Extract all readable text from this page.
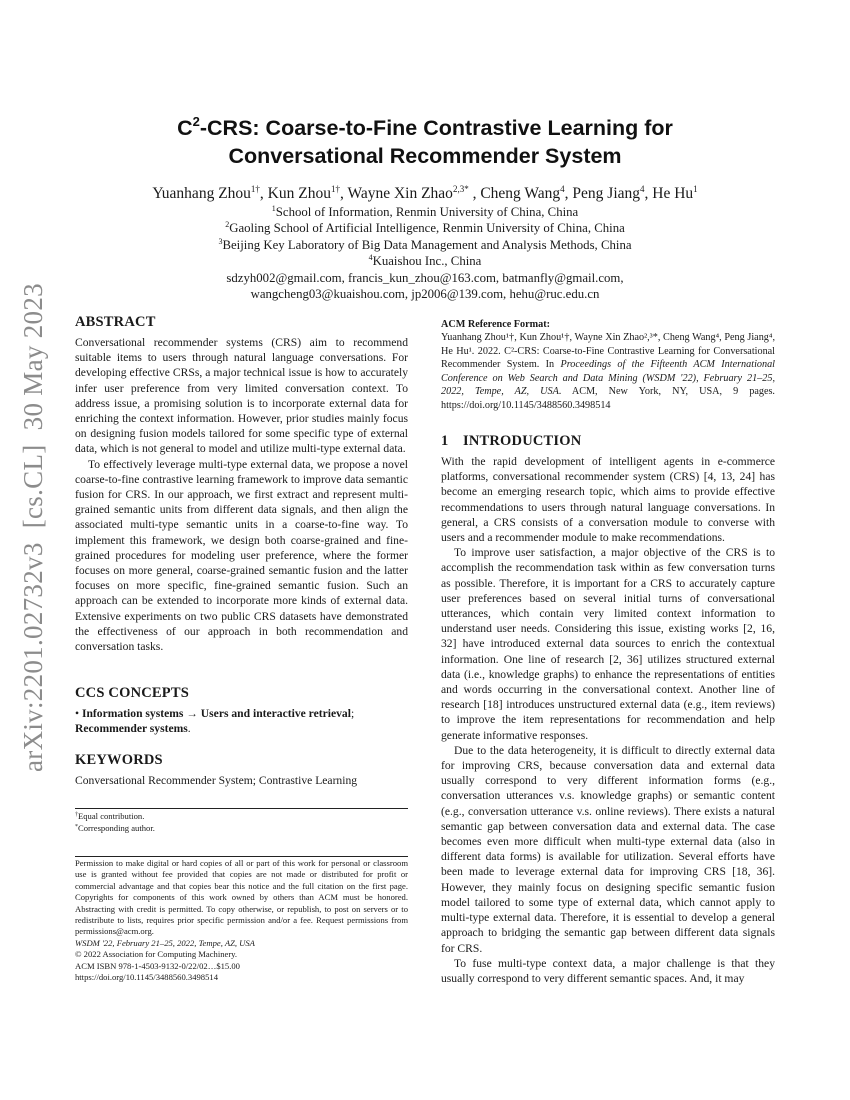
arXiv:2201.02732v3  [cs.CL]  30 May 2023
$C^2$-CRS: Coarse-to-Fine Contrastive Learning for
Conversational Recommender System
Yuanhang Zhou$^{1\dagger}$, Kun Zhou$^{1\dagger}$, Wayne Xin Zhao$^{2,3*}$ , Cheng Wang$^4$, Peng Jiang$^4$, He Hu$^1$
$^1$School of Information, Renmin University of China, China
$^2$Gaoling School of Artificial Intelligence, Renmin University of China, China
$^3$Beijing Key Laboratory of Big Data Management and Analysis Methods, China
$^4$Kuaishou Inc., China
sdzyh002@gmail.com, francis_kun_zhou@163.com, batmanfly@gmail.com,
wangcheng03@kuaishou.com, jp2006@139.com, hehu@ruc.edu.cn
ABSTRACT

Conversational recommender systems (CRS) aim to recommend suitable items to users through natural language conversations. For developing effective CRSs, a major technical issue is how to accurately infer user preference from very limited conversation context. To address issue, a promising solution is to incorporate external data for enriching the context information. However, prior studies mainly focus on designing fusion models tailored for some specific type of external data, which is not general to model and utilize multi-type external data.

To effectively leverage multi-type external data, we propose a novel coarse-to-fine contrastive learning framework to improve data semantic fusion for CRS. In our approach, we first extract and represent multi-grained semantic units from different data signals, and then align the associated multi-type semantic units in a coarse-to-fine way. To implement this framework, we design both coarse-grained and fine-grained procedures for modeling user preference, where the former focuses on more general, coarse-grained semantic fusion and the latter focuses on more specific, fine-grained semantic fusion. Such an approach can be extended to incorporate more kinds of external data. Extensive experiments on two public CRS datasets have demonstrated the effectiveness of our approach in both recommendation and conversation tasks.

CCS CONCEPTS

• Information systems → Users and interactive retrieval; Recommender systems.

KEYWORDS

Conversational Recommender System; Contrastive Learning

†Equal contribution.
*Corresponding author.

Permission to make digital or hard copies of all or part of this work for personal or classroom use is granted without fee provided that copies are not made or distributed for profit or commercial advantage and that copies bear this notice and the full citation on the first page. Copyrights for components of this work owned by others than ACM must be honored. Abstracting with credit is permitted. To copy otherwise, or republish, to post on servers or to redistribute to lists, requires prior specific permission and/or a fee. Request permissions from permissions@acm.org.

WSDM '22, February 21–25, 2022, Tempe, AZ, USA

© 2022 Association for Computing Machinery.

ACM ISBN 978-1-4503-9132-0/22/02…$15.00

https://doi.org/10.1145/3488560.3498514

ACM Reference Format:

Yuanhang Zhou¹†, Kun Zhou¹†, Wayne Xin Zhao²,³*, Cheng Wang⁴, Peng Jiang⁴, He Hu¹. 2022. C²-CRS: Coarse-to-Fine Contrastive Learning for Conversational Recommender System. In Proceedings of the Fifteenth ACM International Conference on Web Search and Data Mining (WSDM '22), February 21–25, 2022, Tempe, AZ, USA. ACM, New York, NY, USA, 9 pages. https://doi.org/10.1145/3488560.3498514

1 INTRODUCTION

With the rapid development of intelligent agents in e-commerce platforms, conversational recommender system (CRS) [4, 13, 24] has become an emerging research topic, which aims to provide effective recommendations to users through natural language conversations. In general, a CRS consists of a conversation module to converse with users and a recommender module to make recommendations.

To improve user satisfaction, a major objective of the CRS is to accomplish the recommendation task within as few conversation turns as possible. Therefore, it is important for a CRS to accurately capture user preferences based on several initial turns of conversational utterances, which contain very limited context information to understand user needs. Considering this issue, existing works [2, 16, 32] have introduced external data sources to enrich the contextual information. One line of research [2, 36] utilizes structured external data (i.e., knowledge graphs) to enhance the representations of entities and words occurring in the conversational context. Another line of research [18] introduces unstructured external data (e.g., item reviews) to improve the item representations for recommendation and help generate informative responses.

Due to the data heterogeneity, it is difficult to directly external data for improving CRS, because conversation data and external data usually correspond to very different information forms (e.g., conversation utterances v.s. knowledge graphs) or semantic content (e.g., conversation utterance v.s. online reviews). There exists a natural semantic gap between conversation data and external data. The case becomes even more difficult when multi-type external data (also in different data forms) is available for utilization. Several efforts have been made to leverage external data for improving CRS [18, 36]. However, they mainly focus on designing specific semantic fusion model tailored to some type of external data, which cannot apply to multi-type external data. Therefore, it is essential to develop a general approach to bridging the semantic gap between different data signals for CRS.

To fuse multi-type context data, a major challenge is that they usually correspond to very different semantic spaces. And, it may
